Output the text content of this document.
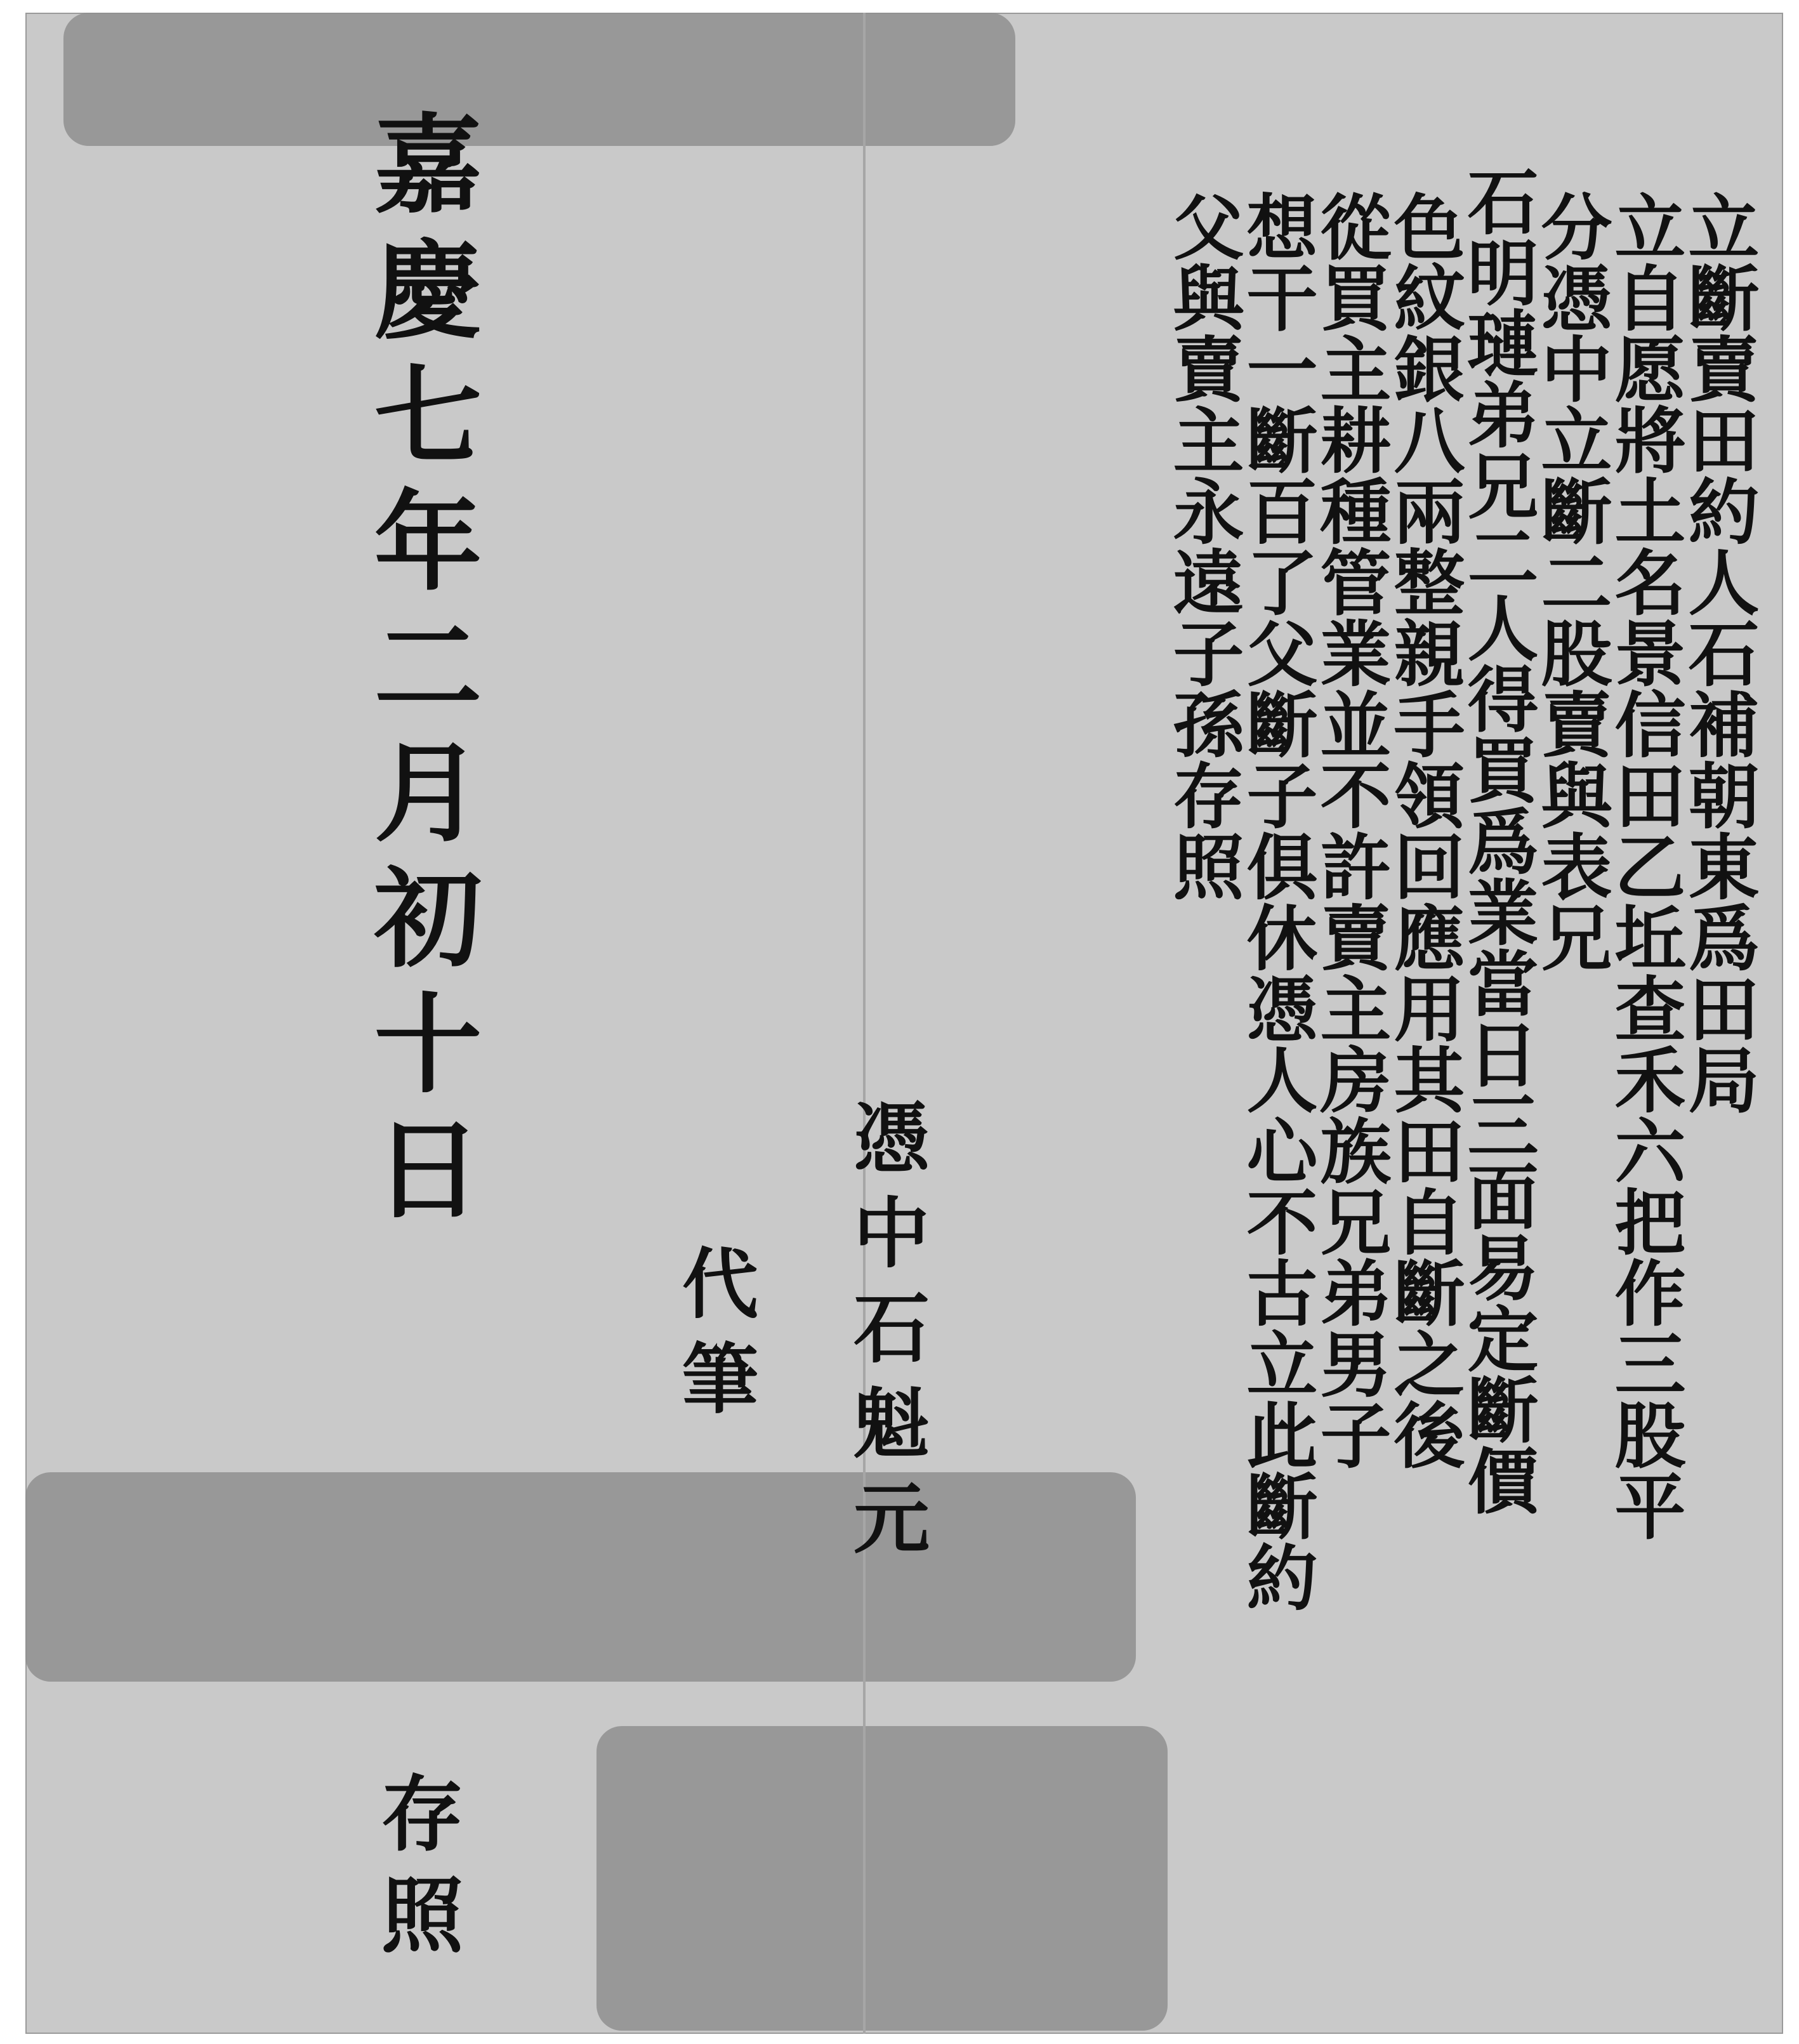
立斷賣田約人石補朝東爲田局
立自愿將土名景信田乙坵查禾六把作三股平
分憑中立斷二股賣與表兄
石明璉弟兄二人得買爲業當日三面易定斷價
色紋銀八兩整親手領回應用其田自斷之後
從買主耕種管業並不許賣主房族兄弟男子
想干一斷百了父斷子俱休憑人心不古立此斷約
父與賣主永遠子孫存照
憑中石魁元
代筆
嘉慶七年二月初十日
存照
